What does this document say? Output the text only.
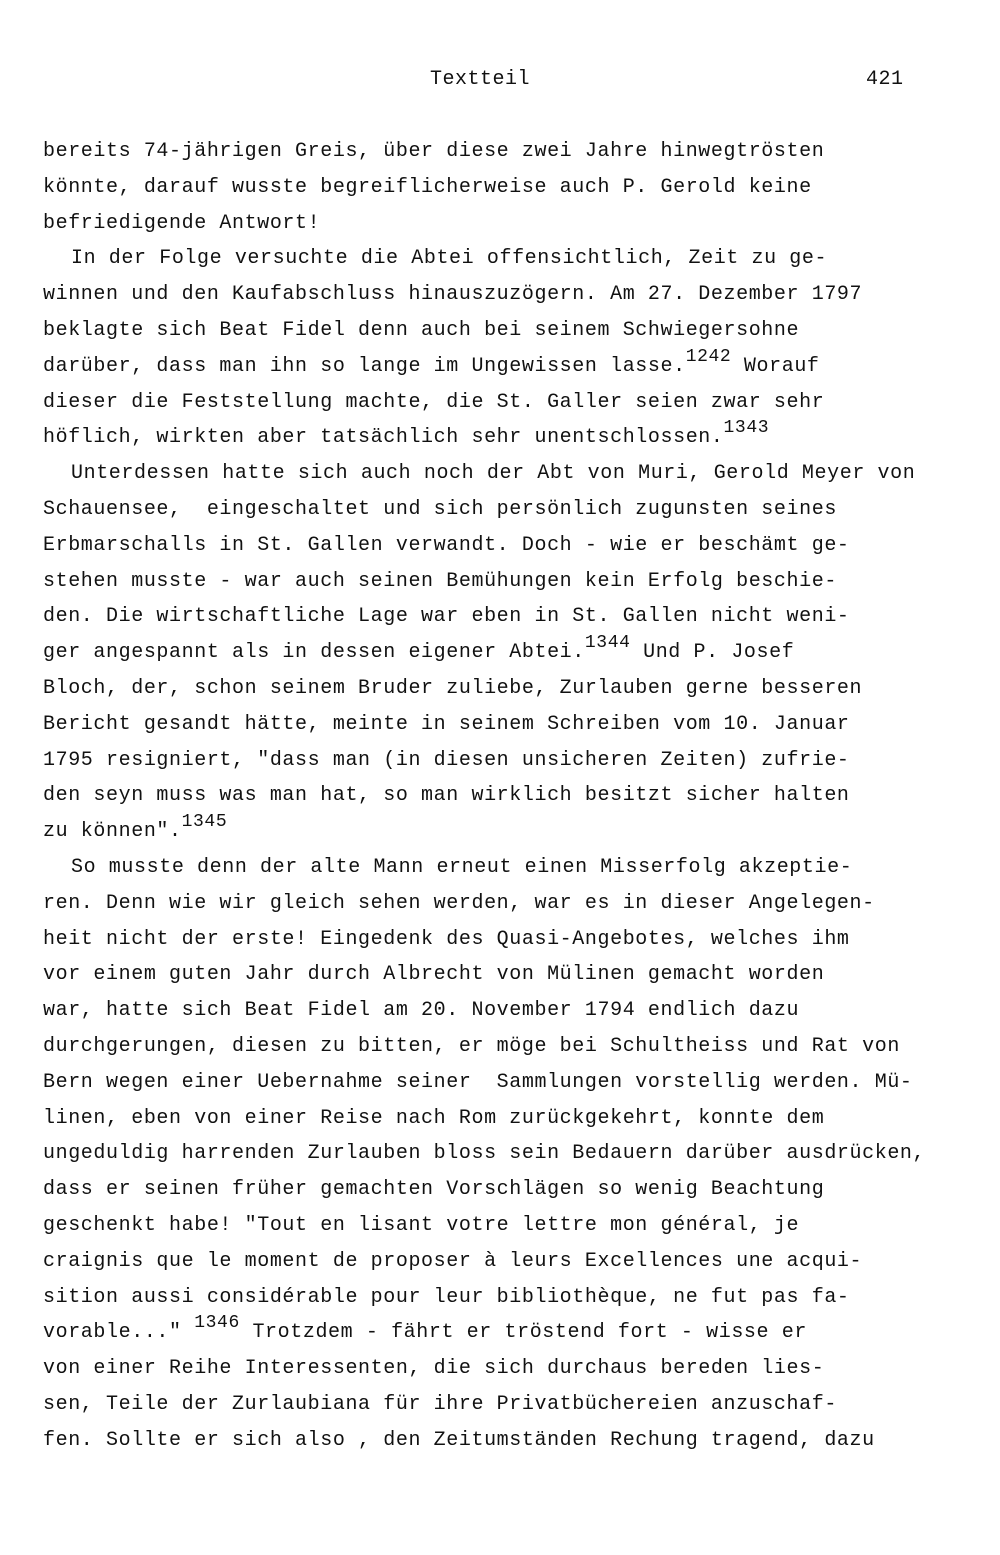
Textteil	421
bereits 74-jährigen Greis, über diese zwei Jahre hinwegtrösten
könnte, darauf wusste begreiflicherweise auch P. Gerold keine
befriedigende Antwort!
In der Folge versuchte die Abtei offensichtlich, Zeit zu ge-
winnen und den Kaufabschluss hinauszuzögern. Am 27. Dezember 1797
beklagte sich Beat Fidel denn auch bei seinem Schwiegersohne
darüber, dass man ihn so lange im Ungewissen lasse.$^{1242}$ Worauf
dieser die Feststellung machte, die St. Galler seien zwar sehr
höflich, wirkten aber tatsächlich sehr unentschlossen.$^{1343}$
Unterdessen hatte sich auch noch der Abt von Muri, Gerold Meyer von
Schauensee,  eingeschaltet und sich persönlich zugunsten seines
Erbmarschalls in St. Gallen verwandt. Doch - wie er beschämt ge-
stehen musste - war auch seinen Bemühungen kein Erfolg beschie-
den. Die wirtschaftliche Lage war eben in St. Gallen nicht weni-
ger angespannt als in dessen eigener Abtei.$^{1344}$ Und P. Josef
Bloch, der, schon seinem Bruder zuliebe, Zurlauben gerne besseren
Bericht gesandt hätte, meinte in seinem Schreiben vom 10. Januar
1795 resigniert, "dass man (in diesen unsicheren Zeiten) zufrie-
den seyn muss was man hat, so man wirklich besitzt sicher halten
zu können".$^{1345}$
So musste denn der alte Mann erneut einen Misserfolg akzeptie-
ren. Denn wie wir gleich sehen werden, war es in dieser Angelegen-
heit nicht der erste! Eingedenk des Quasi-Angebotes, welches ihm
vor einem guten Jahr durch Albrecht von Mülinen gemacht worden
war, hatte sich Beat Fidel am 20. November 1794 endlich dazu
durchgerungen, diesen zu bitten, er möge bei Schultheiss und Rat von
Bern wegen einer Uebernahme seiner  Sammlungen vorstellig werden. Mü-
linen, eben von einer Reise nach Rom zurückgekehrt, konnte dem
ungeduldig harrenden Zurlauben bloss sein Bedauern darüber ausdrücken,
dass er seinen früher gemachten Vorschlägen so wenig Beachtung
geschenkt habe! "Tout en lisant votre lettre mon général, je
craignis que le moment de proposer à leurs Excellences une acqui-
sition aussi considérable pour leur bibliothèque, ne fut pas fa-
vorable..." $^{1346}$ Trotzdem - fährt er tröstend fort - wisse er
von einer Reihe Interessenten, die sich durchaus bereden lies-
sen, Teile der Zurlaubiana für ihre Privatbüchereien anzuschaf-
fen. Sollte er sich also , den Zeitumständen Rechung tragend, dazu
